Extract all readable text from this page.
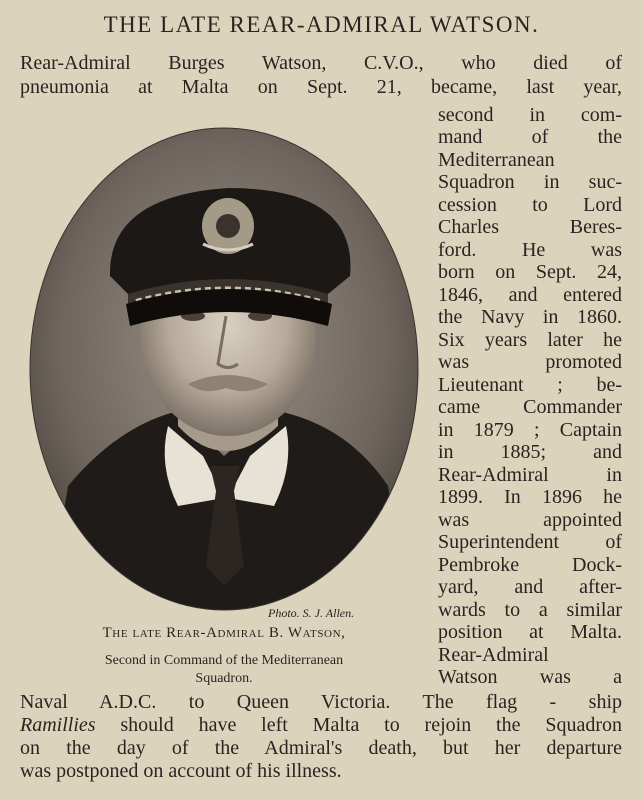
THE LATE REAR-ADMIRAL WATSON.
Rear-Admiral Burges Watson, C.V.O., who died of
pneumonia at Malta on Sept. 21, became, last year,
Photo. S. J. Allen.
The late Rear-Admiral B. Watson,
Second in Command of the Mediterranean
Squadron.
second in com-
mand of the
Mediterranean
Squadron in suc-
cession to Lord
Charles Beres-
ford. He was
born on Sept. 24,
1846, and entered
the Navy in 1860.
Six years later he
was promoted
Lieutenant ; be-
came Commander
in 1879 ; Captain
in 1885; and
Rear-Admiral in
1899. In 1896 he
was appointed
Superintendent of
Pembroke Dock-
yard, and after-
wards to a similar
position at Malta.
Rear-Admiral
Watson was a
Naval A.D.C. to Queen Victoria. The flag - ship
Ramillies should have left Malta to rejoin the Squadron
on the day of the Admiral's death, but her departure
was postponed on account of his illness.
